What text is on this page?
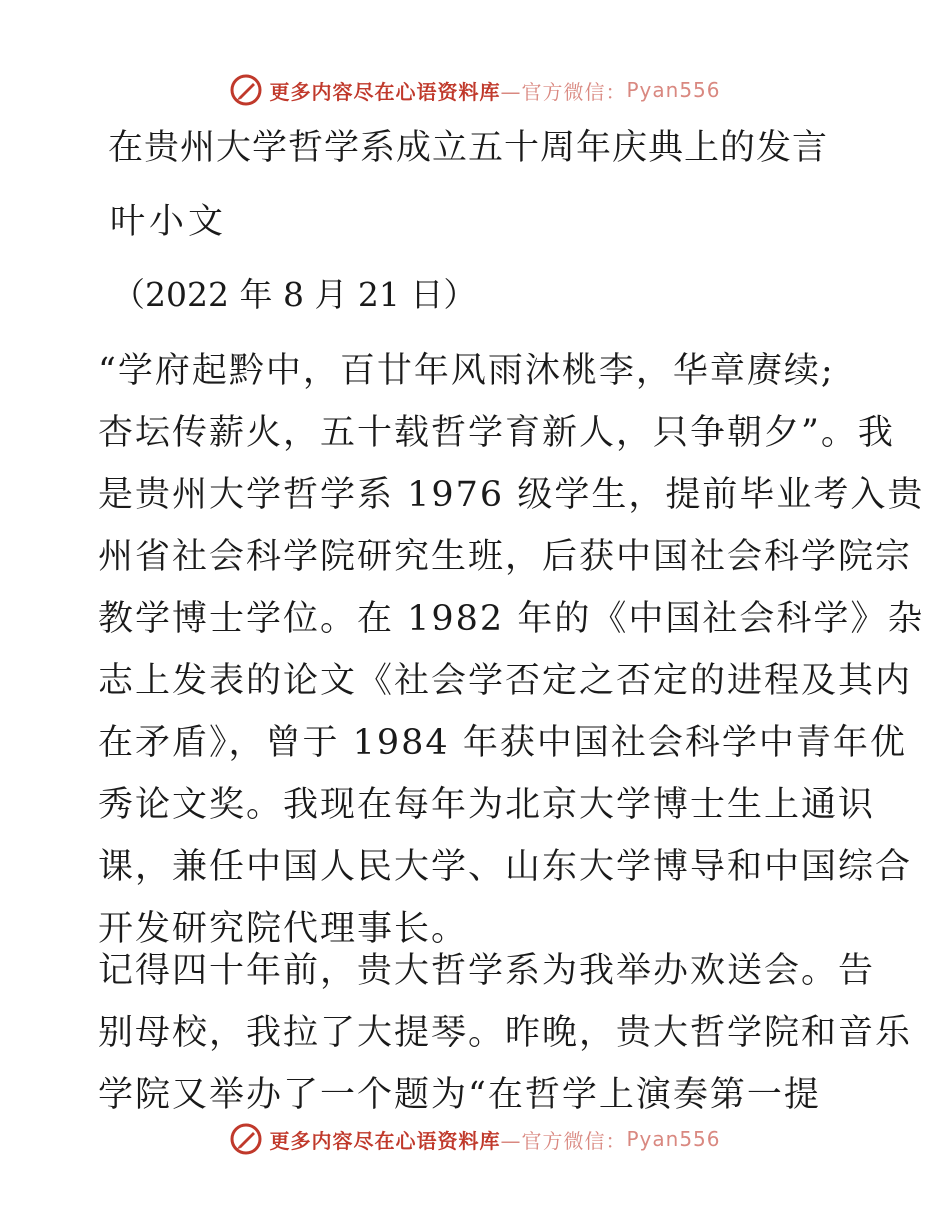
更多内容尽在心语资料库 —官方微信： Pyan556
在贵州大学哲学系成立五十周年庆典上的发言
叶小文
（2022 年 8 月 21 日）
“学府起黔中，百廿年风雨沐桃李，华章赓续;
杏坛传薪火，五十载哲学育新人，只争朝夕”。我
是贵州大学哲学系 1976 级学生，提前毕业考入贵
州省社会科学院研究生班，后获中国社会科学院宗
教学博士学位。在 1982 年的《中国社会科学》杂
志上发表的论文《社会学否定之否定的进程及其内
在矛盾》，曾于 1984 年获中国社会科学中青年优
秀论文奖。我现在每年为北京大学博士生上通识
课，兼任中国人民大学、山东大学博导和中国综合
开发研究院代理事长。
记得四十年前，贵大哲学系为我举办欢送会。告
别母校，我拉了大提琴。昨晚，贵大哲学院和音乐
学院又举办了一个题为“在哲学上演奏第一提
更多内容尽在心语资料库 —官方微信： Pyan556
